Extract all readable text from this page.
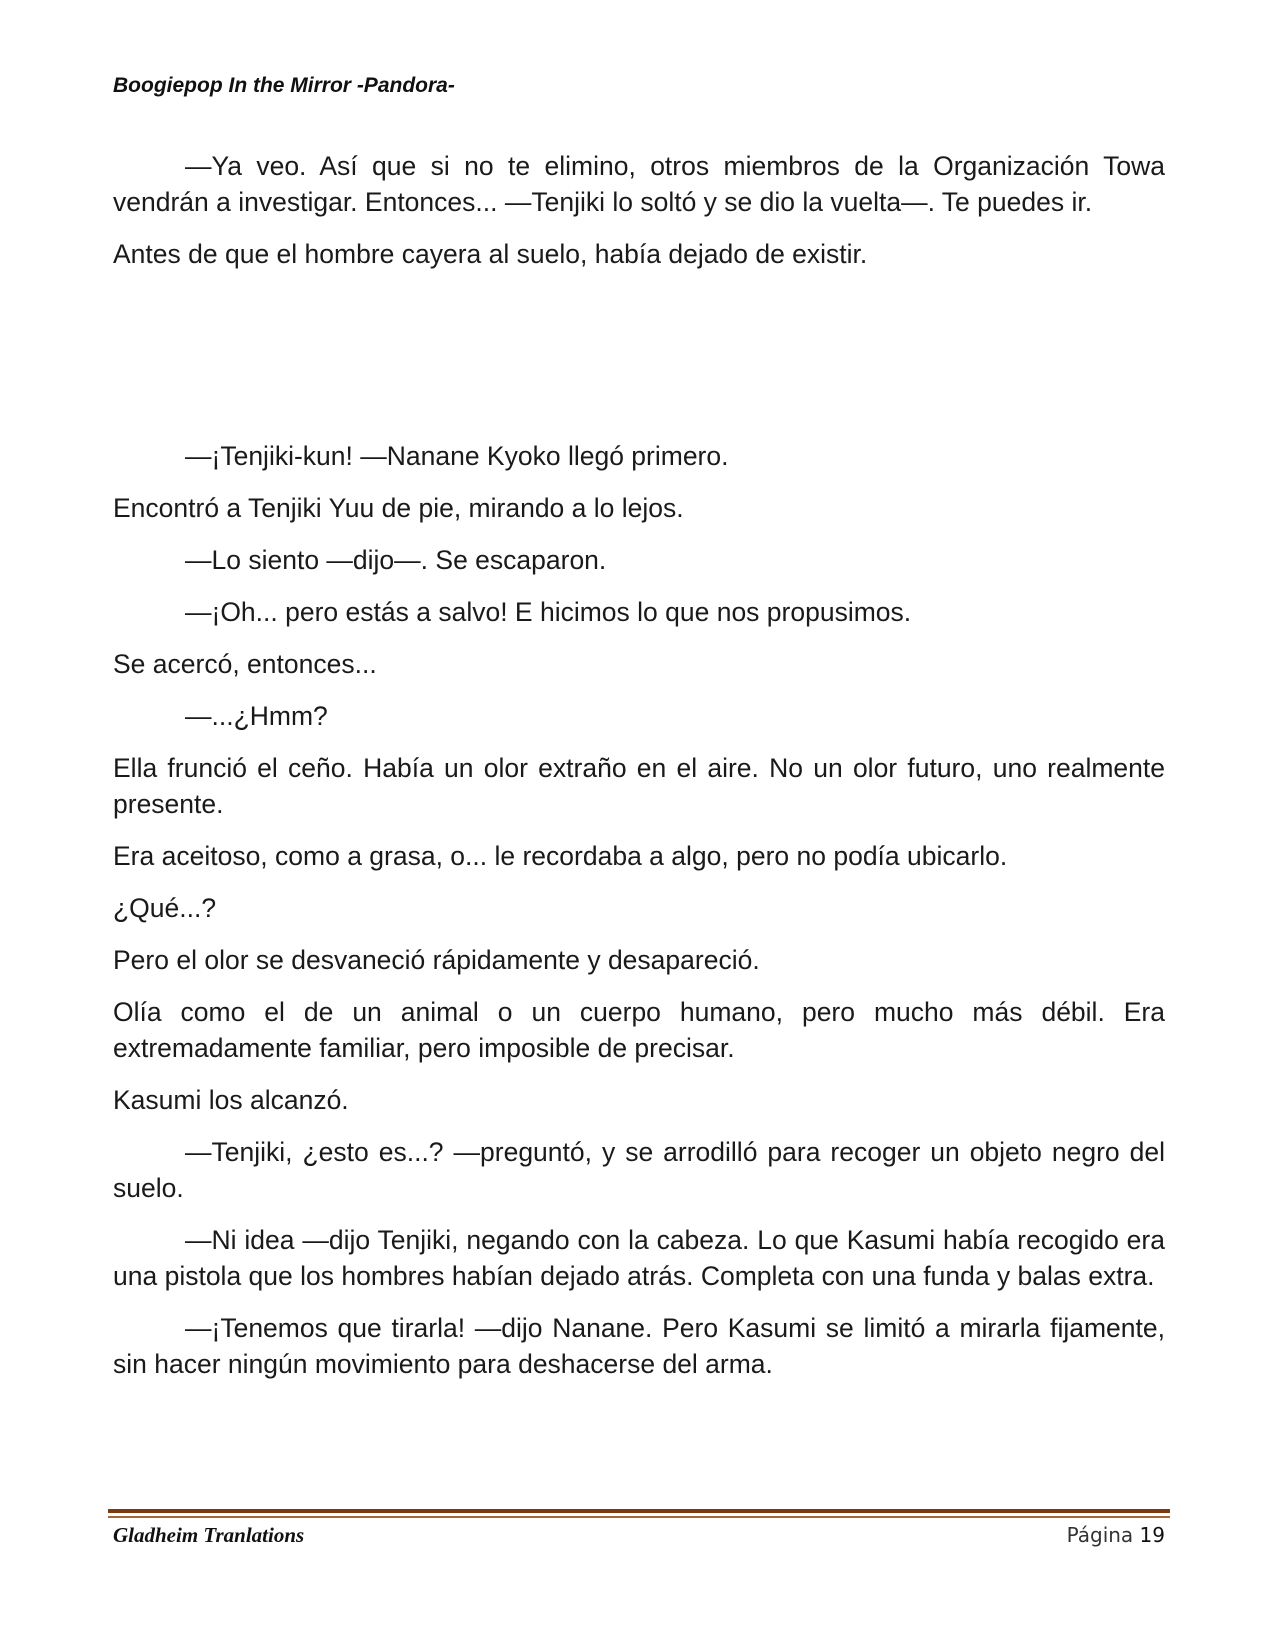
Boogiepop In the Mirror -Pandora-

—Ya veo. Así que si no te elimino, otros miembros de la Organización Towa vendrán a investigar. Entonces... —Tenjiki lo soltó y se dio la vuelta—. Te puedes ir.

Antes de que el hombre cayera al suelo, había dejado de existir.

—¡Tenjiki-kun! —Nanane Kyoko llegó primero.

Encontró a Tenjiki Yuu de pie, mirando a lo lejos.

—Lo siento —dijo—. Se escaparon.

—¡Oh... pero estás a salvo! E hicimos lo que nos propusimos.

Se acercó, entonces...

—...¿Hmm?

Ella frunció el ceño. Había un olor extraño en el aire. No un olor futuro, uno realmente presente.

Era aceitoso, como a grasa, o... le recordaba a algo, pero no podía ubicarlo.

¿Qué...?

Pero el olor se desvaneció rápidamente y desapareció.

Olía como el de un animal o un cuerpo humano, pero mucho más débil. Era extremadamente familiar, pero imposible de precisar.

Kasumi los alcanzó.

—Tenjiki, ¿esto es...? —preguntó, y se arrodilló para recoger un objeto negro del suelo.

—Ni idea —dijo Tenjiki, negando con la cabeza. Lo que Kasumi había recogido era una pistola que los hombres habían dejado atrás. Completa con una funda y balas extra.

—¡Tenemos que tirarla! —dijo Nanane. Pero Kasumi se limitó a mirarla fijamente, sin hacer ningún movimiento para deshacerse del arma.

Gladheim Tranlations	Página 19
